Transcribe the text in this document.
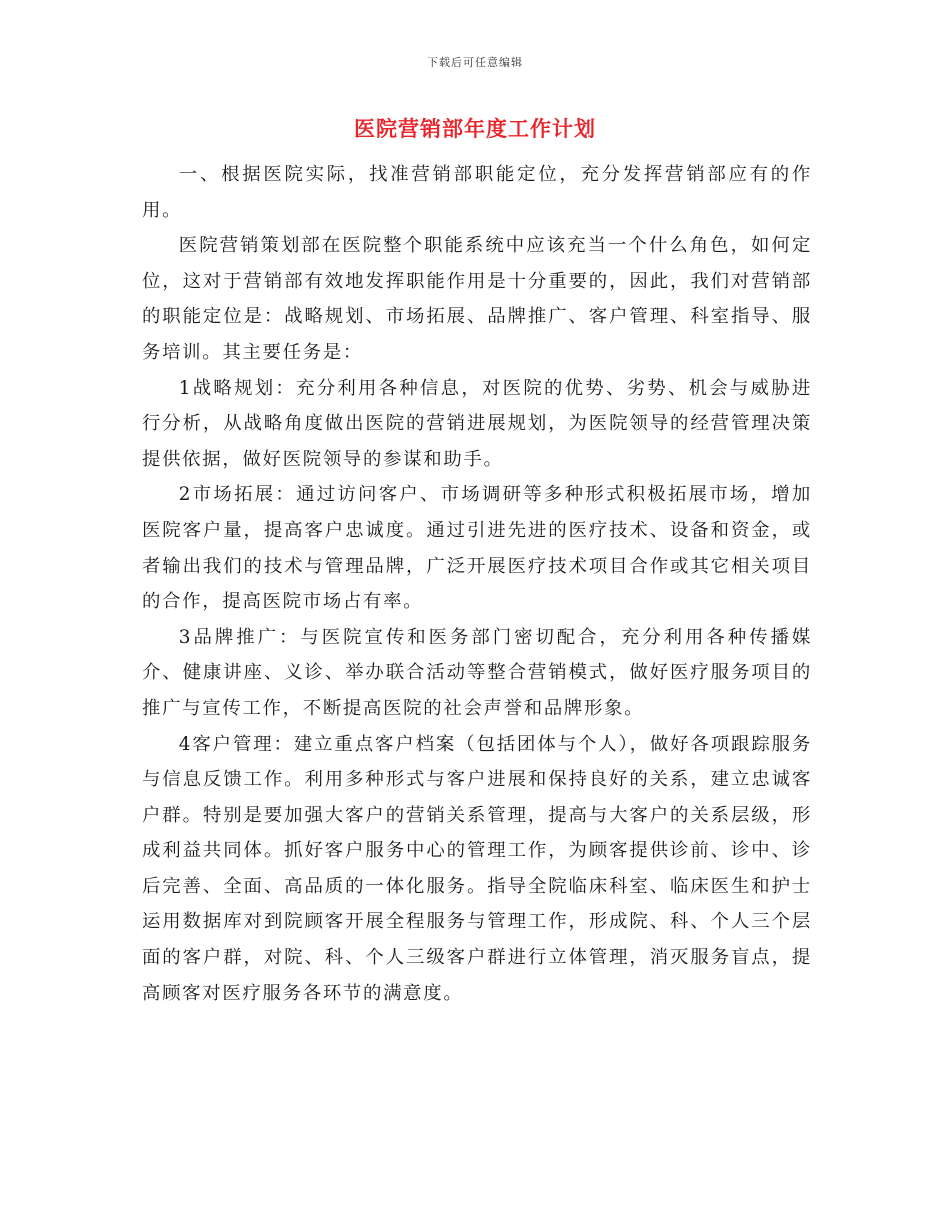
下载后可任意编辑
医院营销部年度工作计划

一、根据医院实际，找准营销部职能定位，充分发挥营销部应有的作用。

医院营销策划部在医院整个职能系统中应该充当一个什么角色，如何定位，这对于营销部有效地发挥职能作用是十分重要的，因此，我们对营销部的职能定位是：战略规划、市场拓展、品牌推广、客户管理、科室指导、服务培训。其主要任务是：

1战略规划：充分利用各种信息，对医院的优势、劣势、机会与威胁进行分析，从战略角度做出医院的营销进展规划，为医院领导的经营管理决策提供依据，做好医院领导的参谋和助手。

2市场拓展：通过访问客户、市场调研等多种形式积极拓展市场，增加医院客户量，提高客户忠诚度。通过引进先进的医疗技术、设备和资金，或者输出我们的技术与管理品牌，广泛开展医疗技术项目合作或其它相关项目的合作，提高医院市场占有率。

3品牌推广：与医院宣传和医务部门密切配合，充分利用各种传播媒介、健康讲座、义诊、举办联合活动等整合营销模式，做好医疗服务项目的推广与宣传工作，不断提高医院的社会声誉和品牌形象。

4客户管理：建立重点客户档案（包括团体与个人），做好各项跟踪服务与信息反馈工作。利用多种形式与客户进展和保持良好的关系，建立忠诚客户群。特别是要加强大客户的营销关系管理，提高与大客户的关系层级，形成利益共同体。抓好客户服务中心的管理工作，为顾客提供诊前、诊中、诊后完善、全面、高品质的一体化服务。指导全院临床科室、临床医生和护士运用数据库对到院顾客开展全程服务与管理工作，形成院、科、个人三个层面的客户群，对院、科、个人三级客户群进行立体管理，消灭服务盲点，提高顾客对医疗服务各环节的满意度。
